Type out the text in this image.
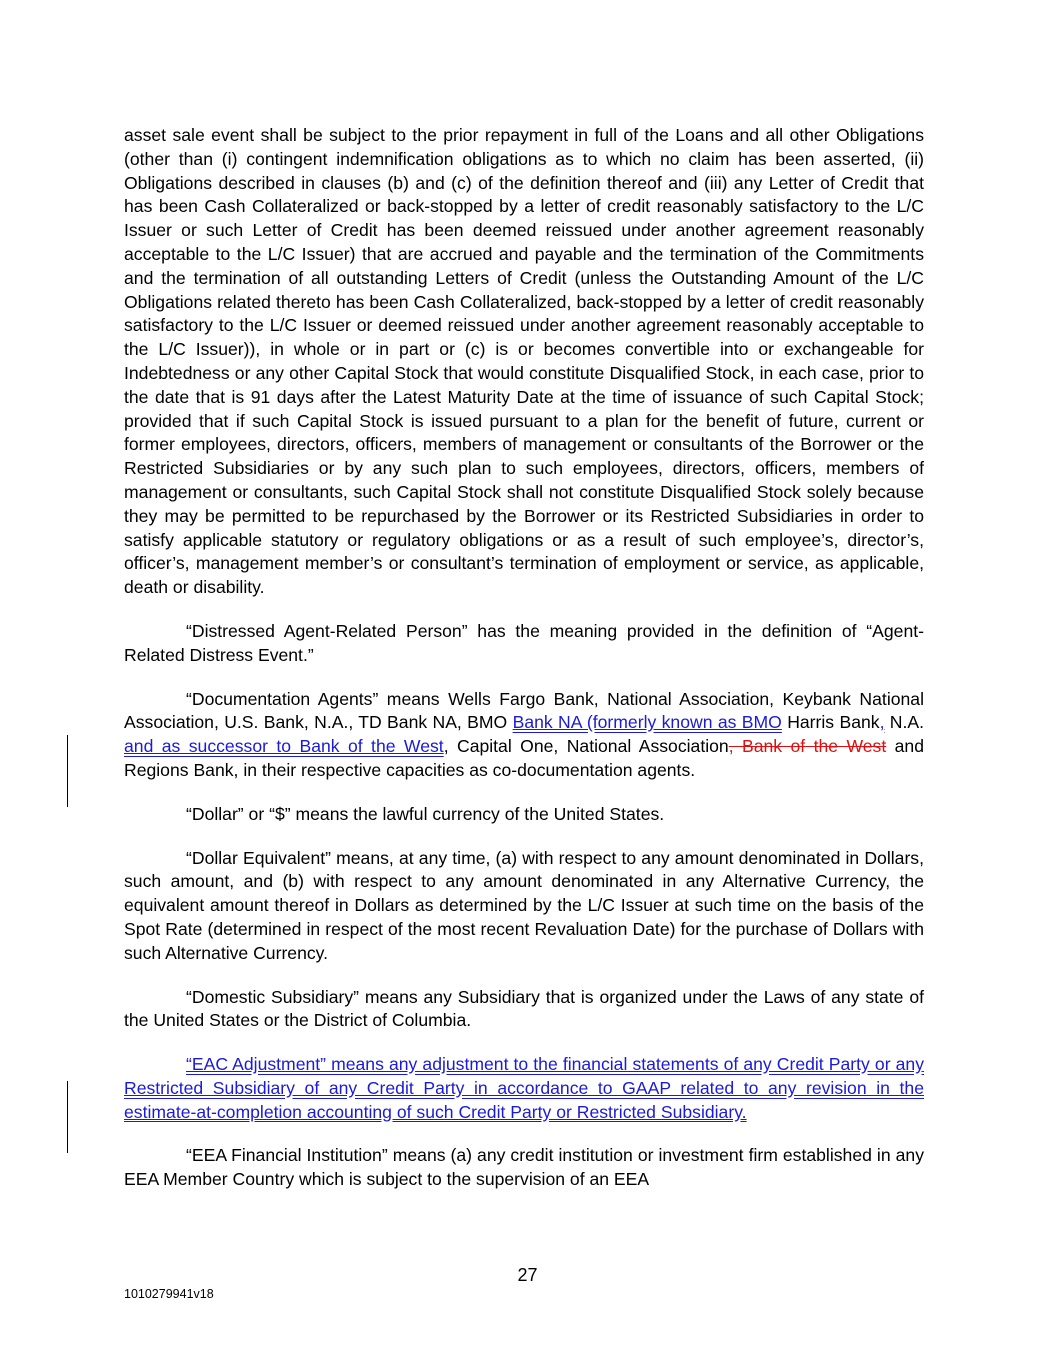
asset sale event shall be subject to the prior repayment in full of the Loans and all other Obligations (other than (i) contingent indemnification obligations as to which no claim has been asserted, (ii) Obligations described in clauses (b) and (c) of the definition thereof and (iii) any Letter of Credit that has been Cash Collateralized or back-stopped by a letter of credit reasonably satisfactory to the L/C Issuer or such Letter of Credit has been deemed reissued under another agreement reasonably acceptable to the L/C Issuer) that are accrued and payable and the termination of the Commitments and the termination of all outstanding Letters of Credit (unless the Outstanding Amount of the L/C Obligations related thereto has been Cash Collateralized, back-stopped by a letter of credit reasonably satisfactory to the L/C Issuer or deemed reissued under another agreement reasonably acceptable to the L/C Issuer)), in whole or in part or (c) is or becomes convertible into or exchangeable for Indebtedness or any other Capital Stock that would constitute Disqualified Stock, in each case, prior to the date that is 91 days after the Latest Maturity Date at the time of issuance of such Capital Stock; provided that if such Capital Stock is issued pursuant to a plan for the benefit of future, current or former employees, directors, officers, members of management or consultants of the Borrower or the Restricted Subsidiaries or by any such plan to such employees, directors, officers, members of management or consultants, such Capital Stock shall not constitute Disqualified Stock solely because they may be permitted to be repurchased by the Borrower or its Restricted Subsidiaries in order to satisfy applicable statutory or regulatory obligations or as a result of such employee’s, director’s, officer’s, management member’s or consultant’s termination of employment or service, as applicable, death or disability.

“Distressed Agent-Related Person” has the meaning provided in the definition of “Agent-Related Distress Event.”

“Documentation Agents” means Wells Fargo Bank, National Association, Keybank National Association, U.S. Bank, N.A., TD Bank NA, BMO Bank NA (formerly known as BMO Harris Bank, N.A. and as successor to Bank of the West, Capital One, National Association, Bank of the West and Regions Bank, in their respective capacities as co-documentation agents.

“Dollar” or “$” means the lawful currency of the United States.

“Dollar Equivalent” means, at any time, (a) with respect to any amount denominated in Dollars, such amount, and (b) with respect to any amount denominated in any Alternative Currency, the equivalent amount thereof in Dollars as determined by the L/C Issuer at such time on the basis of the Spot Rate (determined in respect of the most recent Revaluation Date) for the purchase of Dollars with such Alternative Currency.

“Domestic Subsidiary” means any Subsidiary that is organized under the Laws of any state of the United States or the District of Columbia.

“EAC Adjustment” means any adjustment to the financial statements of any Credit Party or any Restricted Subsidiary of any Credit Party in accordance to GAAP related to any revision in the estimate-at-completion accounting of such Credit Party or Restricted Subsidiary.

“EEA Financial Institution” means (a) any credit institution or investment firm established in any EEA Member Country which is subject to the supervision of an EEA

27
1010279941v18
